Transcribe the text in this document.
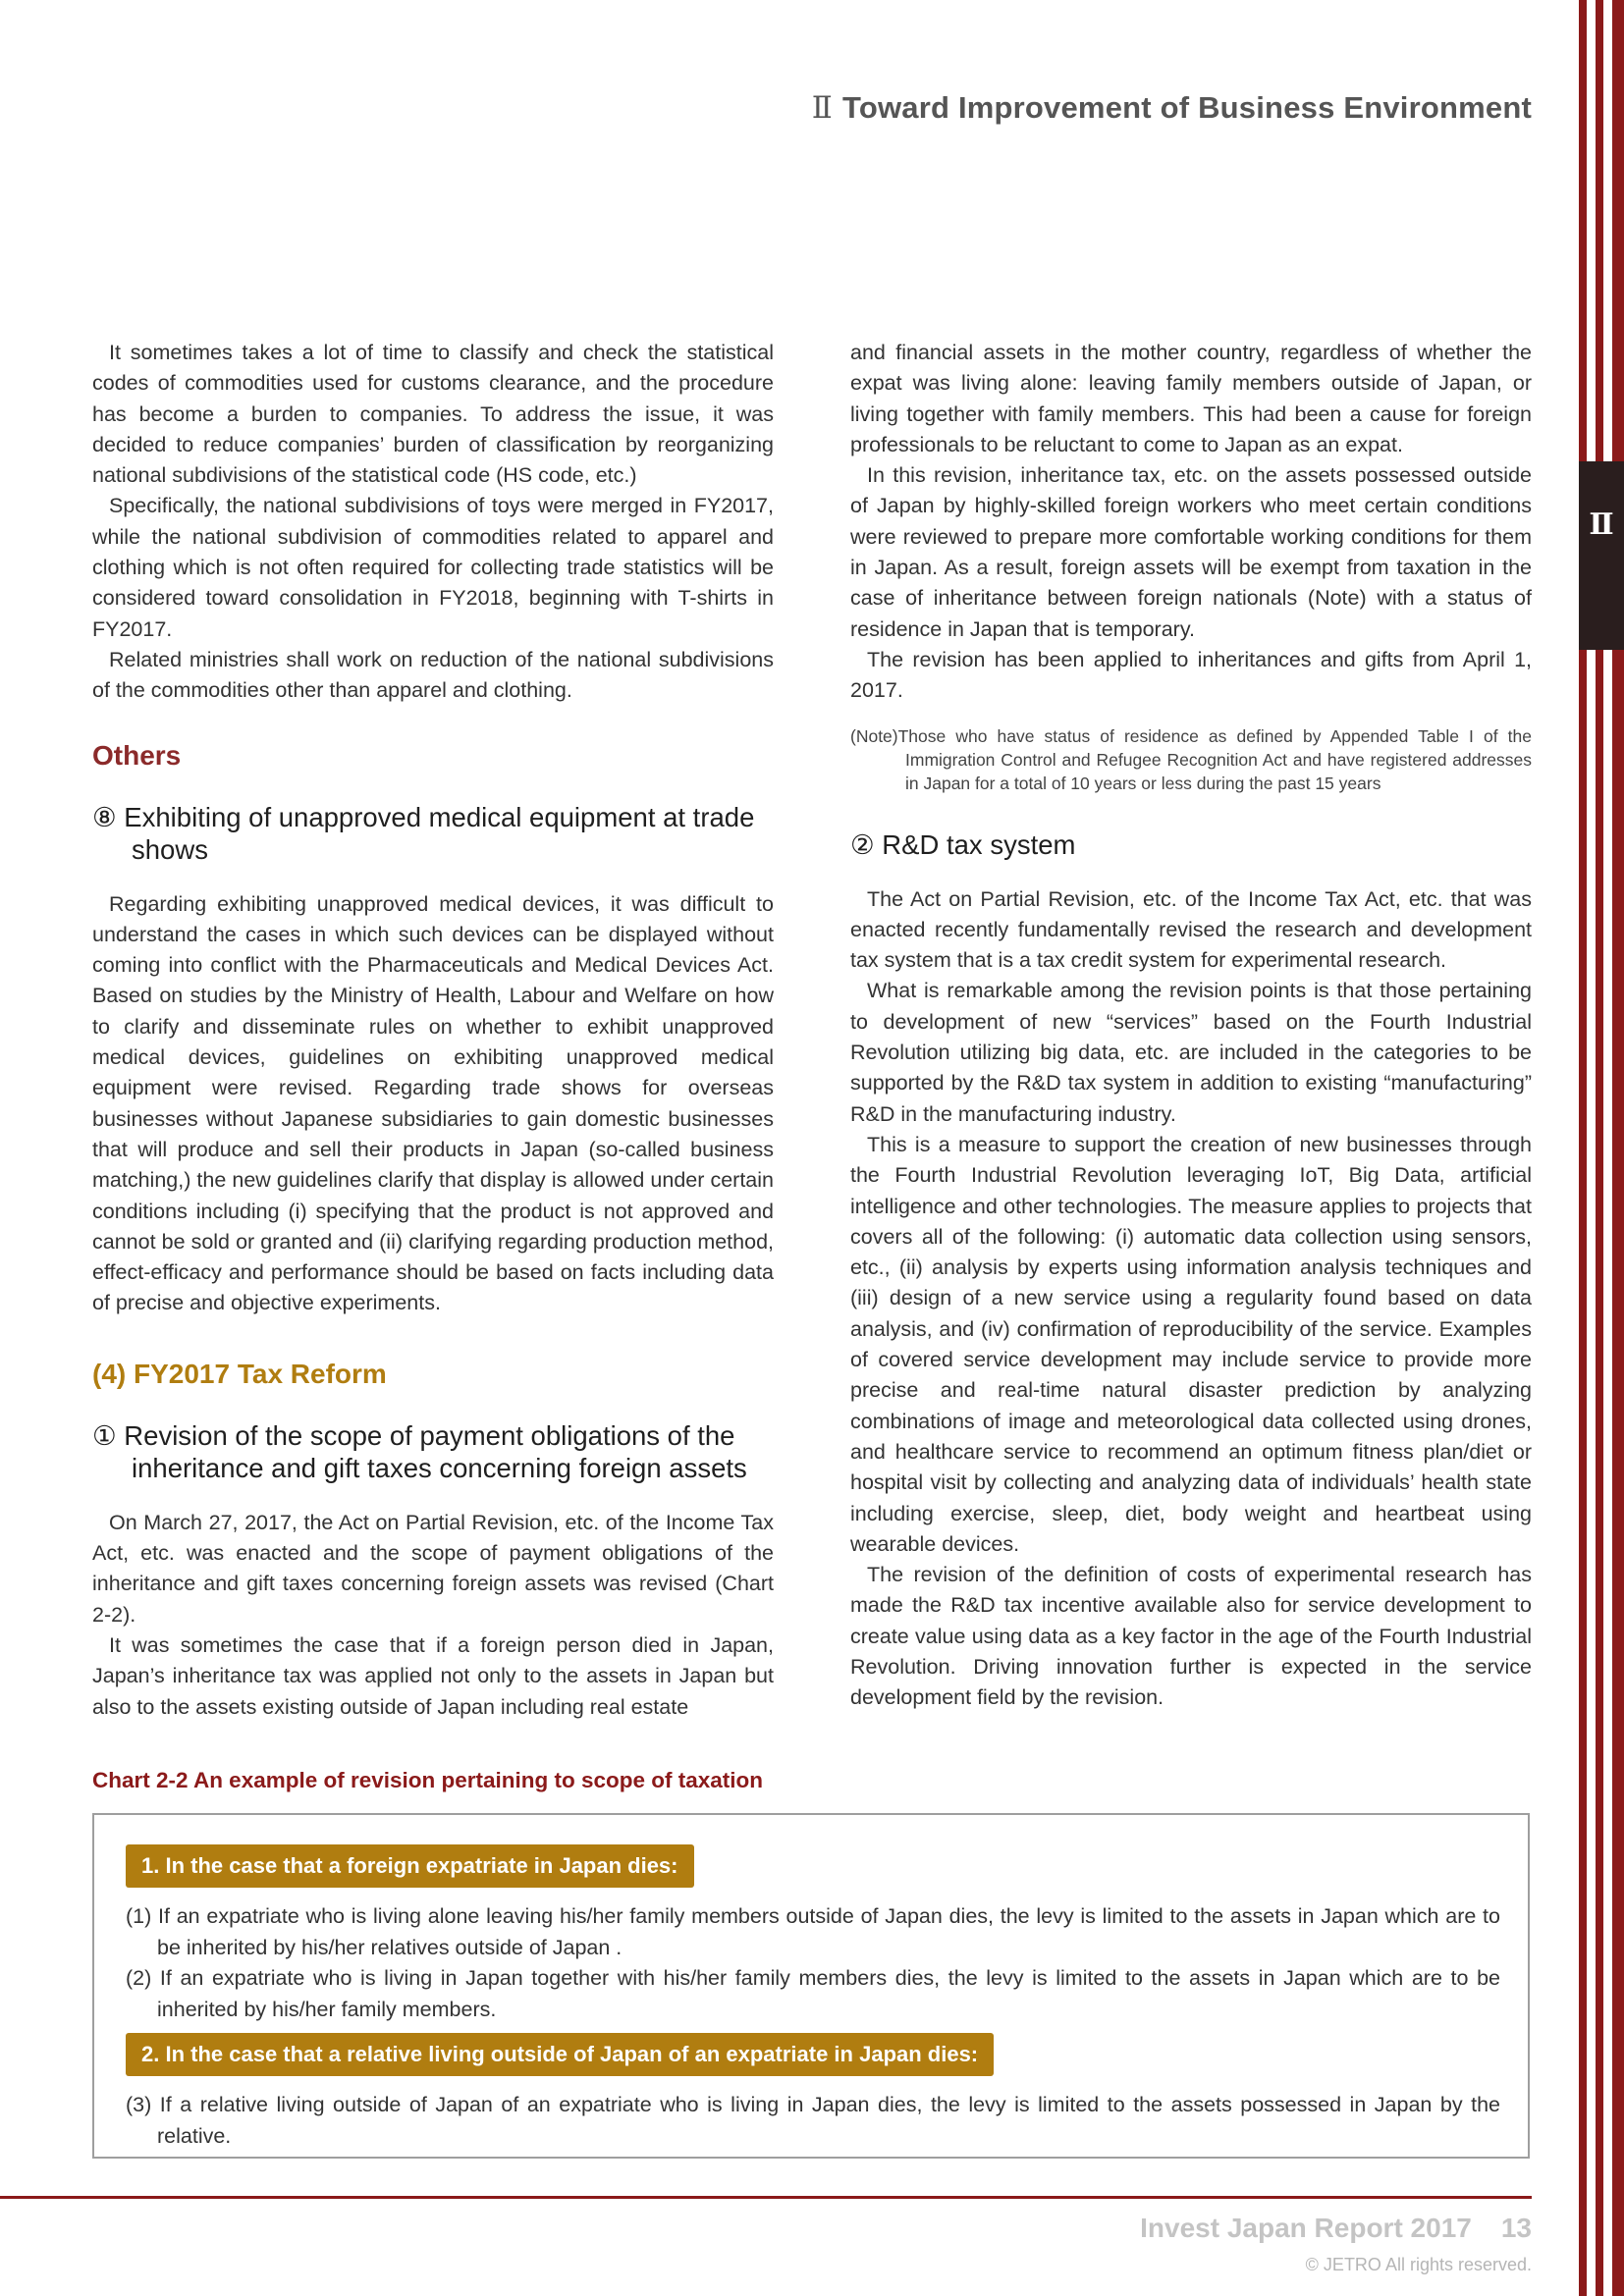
Ⅱ
Ⅱ Toward Improvement of Business Environment

It sometimes takes a lot of time to classify and check the statistical codes of commodities used for customs clearance, and the procedure has become a burden to companies. To address the issue, it was decided to reduce companies’ burden of classification by reorganizing national subdivisions of the statistical code (HS code, etc.)

Specifically, the national subdivisions of toys were merged in FY2017, while the national subdivision of commodities related to apparel and clothing which is not often required for collecting trade statistics will be considered toward consolidation in FY2018, beginning with T-shirts in FY2017.

Related ministries shall work on reduction of the national subdivisions of the commodities other than apparel and clothing.

Others
⑧ Exhibiting of unapproved medical equipment at trade shows

Regarding exhibiting unapproved medical devices, it was difficult to understand the cases in which such devices can be displayed without coming into conflict with the Pharmaceuticals and Medical Devices Act. Based on studies by the Ministry of Health, Labour and Welfare on how to clarify and disseminate rules on whether to exhibit unapproved medical devices, guidelines on exhibiting unapproved medical equipment were revised. Regarding trade shows for overseas businesses without Japanese subsidiaries to gain domestic businesses that will produce and sell their products in Japan (so-called business matching,) the new guidelines clarify that display is allowed under certain conditions including (i) specifying that the product is not approved and cannot be sold or granted and (ii) clarifying regarding production method, effect-efficacy and performance should be based on facts including data of precise and objective experiments.

(4) FY2017 Tax Reform
① Revision of the scope of payment obligations of the inheritance and gift taxes concerning foreign assets

On March 27, 2017, the Act on Partial Revision, etc. of the Income Tax Act, etc. was enacted and the scope of payment obligations of the inheritance and gift taxes concerning foreign assets was revised (Chart 2-2).

It was sometimes the case that if a foreign person died in Japan, Japan’s inheritance tax was applied not only to the assets in Japan but also to the assets existing outside of Japan including real estate

and financial assets in the mother country, regardless of whether the expat was living alone: leaving family members outside of Japan, or living together with family members. This had been a cause for foreign professionals to be reluctant to come to Japan as an expat.

In this revision, inheritance tax, etc. on the assets possessed outside of Japan by highly-skilled foreign workers who meet certain conditions were reviewed to prepare more comfortable working conditions for them in Japan. As a result, foreign assets will be exempt from taxation in the case of inheritance between foreign nationals (Note) with a status of residence in Japan that is temporary.

The revision has been applied to inheritances and gifts from April 1, 2017.

(Note)Those who have status of residence as defined by Appended Table I of the Immigration Control and Refugee Recognition Act and have registered addresses in Japan for a total of 10 years or less during the past 15 years

② R&D tax system

The Act on Partial Revision, etc. of the Income Tax Act, etc. that was enacted recently fundamentally revised the research and development tax system that is a tax credit system for experimental research.

What is remarkable among the revision points is that those pertaining to development of new “services” based on the Fourth Industrial Revolution utilizing big data, etc. are included in the categories to be supported by the R&D tax system in addition to existing “manufacturing” R&D in the manufacturing industry.

This is a measure to support the creation of new businesses through the Fourth Industrial Revolution leveraging IoT, Big Data, artificial intelligence and other technologies. The measure applies to projects that covers all of the following: (i) automatic data collection using sensors, etc., (ii) analysis by experts using information analysis techniques and (iii) design of a new service using a regularity found based on data analysis, and (iv) confirmation of reproducibility of the service. Examples of covered service development may include service to provide more precise and real-time natural disaster prediction by analyzing combinations of image and meteorological data collected using drones, and healthcare service to recommend an optimum fitness plan/diet or hospital visit by collecting and analyzing data of individuals’ health state including exercise, sleep, diet, body weight and heartbeat using wearable devices.

The revision of the definition of costs of experimental research has made the R&D tax incentive available also for service development to create value using data as a key factor in the age of the Fourth Industrial Revolution. Driving innovation further is expected in the service development field by the revision.

Chart 2-2 An example of revision pertaining to scope of taxation
1. In the case that a foreign expatriate in Japan dies:

(1) If an expatriate who is living alone leaving his/her family members outside of Japan dies, the levy is limited to the assets in Japan which are to be inherited by his/her relatives outside of Japan .

(2) If an expatriate who is living in Japan together with his/her family members dies, the levy is limited to the assets in Japan which are to be inherited by his/her family members.

2. In the case that a relative living outside of Japan of an expatriate in Japan dies:

(3) If a relative living outside of Japan of an expatriate who is living in Japan dies, the levy is limited to the assets possessed in Japan by the relative.

Invest Japan Report 2017 13
© JETRO All rights reserved.
